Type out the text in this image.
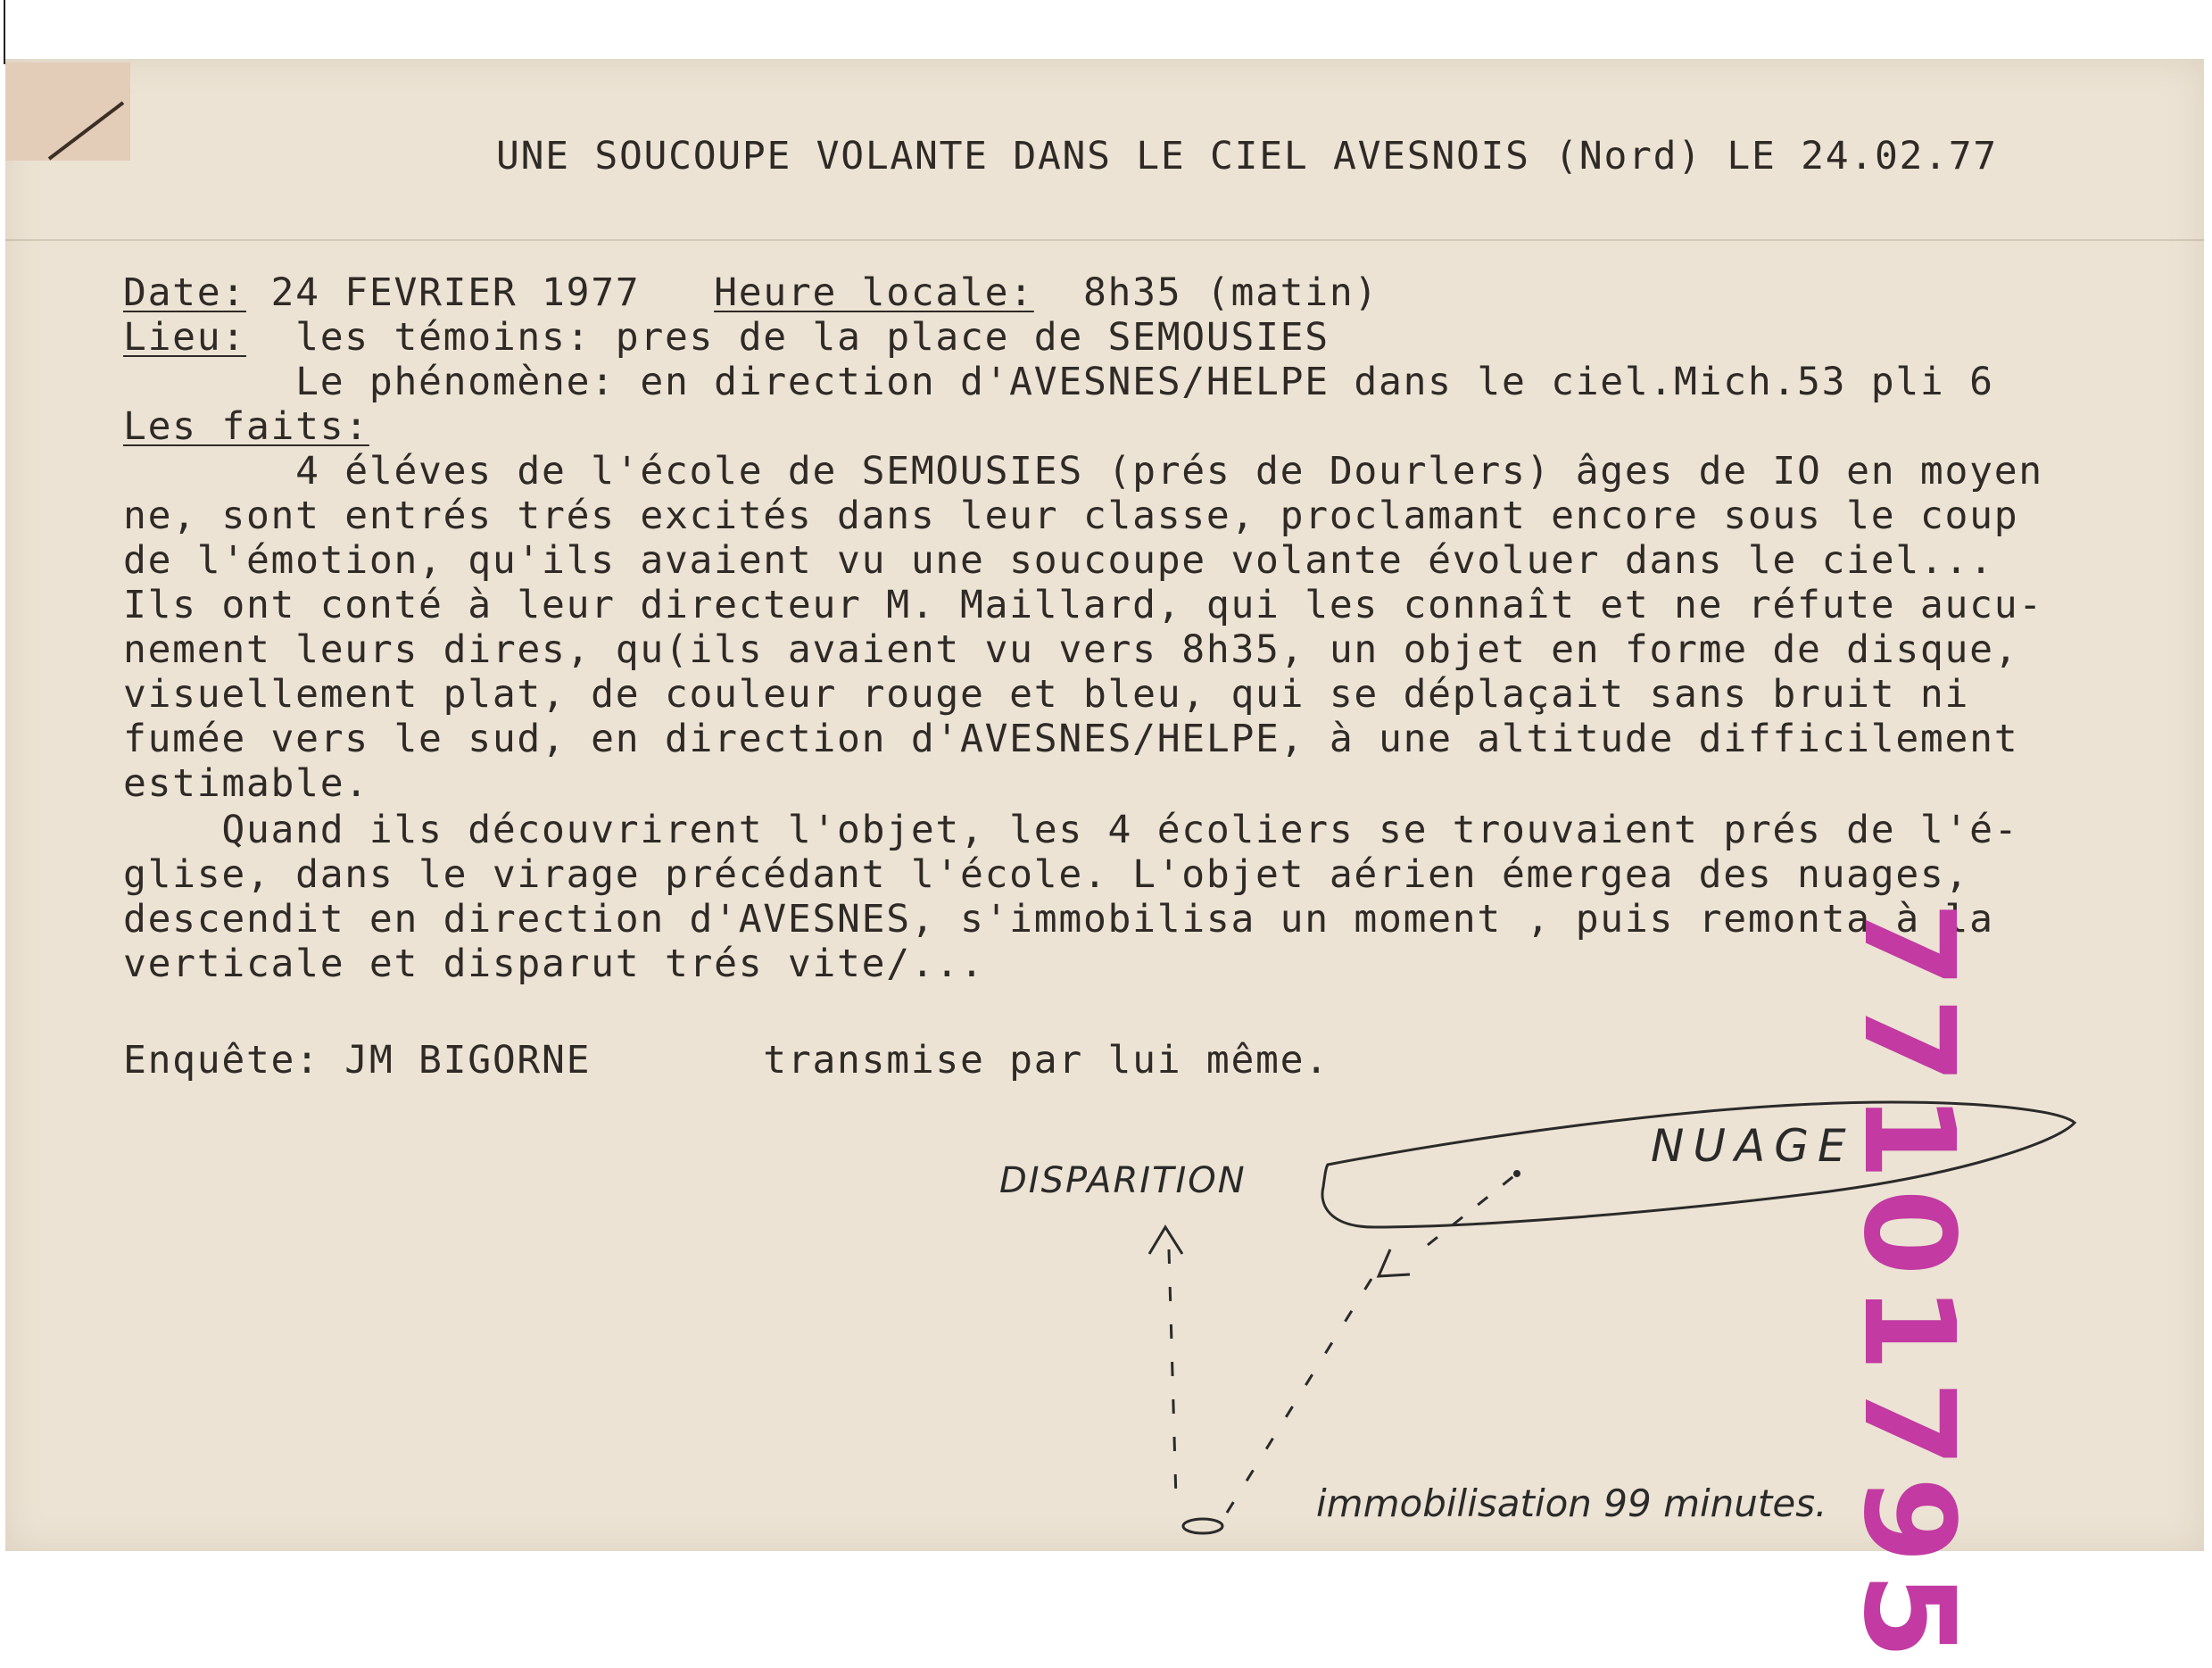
UNE SOUCOUPE VOLANTE DANS LE CIEL AVESNOIS (Nord) LE 24.02.77
Date: 24 FEVRIER 1977   Heure locale:  8h35 (matin)
Lieu:  les témoins: pres de la place de SEMOUSIES
Le phénomène: en direction d'AVESNES/HELPE dans le ciel.Mich.53 pli 6
Les faits:
4 éléves de l'école de SEMOUSIES (prés de Dourlers) âges de IO en moyen
ne, sont entrés trés excités dans leur classe, proclamant encore sous le coup
de l'émotion, qu'ils avaient vu une soucoupe volante évoluer dans le ciel...
Ils ont conté à leur directeur M. Maillard, qui les connaît et ne réfute aucu-
nement leurs dires, qu(ils avaient vu vers 8h35, un objet en forme de disque,
visuellement plat, de couleur rouge et bleu, qui se déplaçait sans bruit ni
fumée vers le sud, en direction d'AVESNES/HELPE, à une altitude difficilement
estimable.
Quand ils découvrirent l'objet, les 4 écoliers se trouvaient prés de l'é-
glise, dans le virage précédant l'école. L'objet aérien émergea des nuages,
descendit en direction d'AVESNES, s'immobilisa un moment , puis remonta à la
verticale et disparut trés vite/...
Enquête: JM BIGORNE       transmise par lui même.
DISPARITION
NUAGE
immobilisation 99 minutes. 77101795
